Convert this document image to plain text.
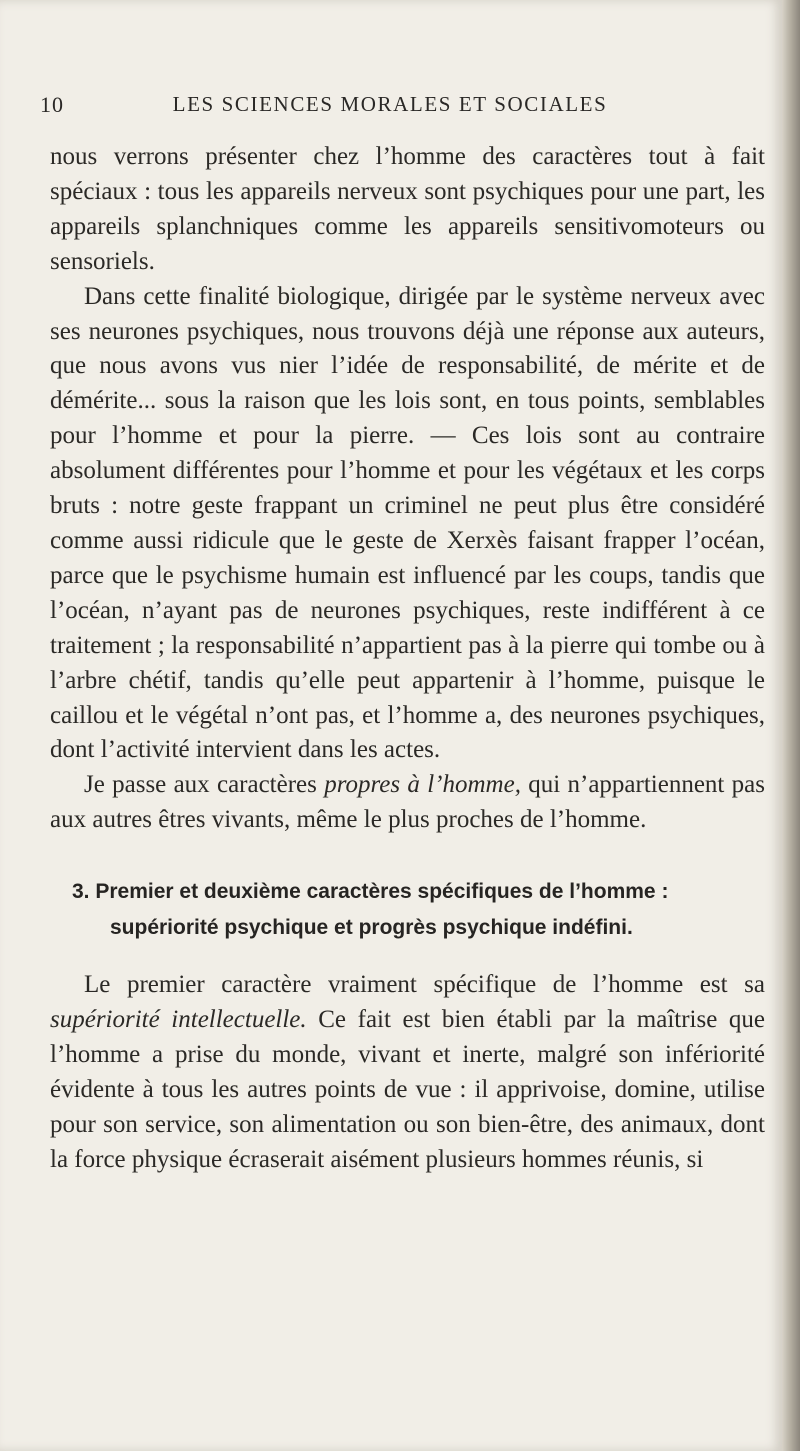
10	LES SCIENCES MORALES ET SOCIALES

nous verrons présenter chez l’homme des caractères tout à fait spéciaux : tous les appareils nerveux sont psychiques pour une part, les appareils splanchniques comme les appareils sensitivomoteurs ou sensoriels.

Dans cette finalité biologique, dirigée par le système nerveux avec ses neurones psychiques, nous trouvons déjà une réponse aux auteurs, que nous avons vus nier l’idée de responsabilité, de mérite et de démérite... sous la raison que les lois sont, en tous points, semblables pour l’homme et pour la pierre. — Ces lois sont au contraire absolument différentes pour l’homme et pour les végétaux et les corps bruts : notre geste frappant un criminel ne peut plus être considéré comme aussi ridicule que le geste de Xerxès faisant frapper l’océan, parce que le psychisme humain est influencé par les coups, tandis que l’océan, n’ayant pas de neurones psychiques, reste indifférent à ce traitement ; la responsabilité n’appartient pas à la pierre qui tombe ou à l’arbre chétif, tandis qu’elle peut appartenir à l’homme, puisque le caillou et le végétal n’ont pas, et l’homme a, des neurones psychiques, dont l’activité intervient dans les actes.

Je passe aux caractères propres à l’homme, qui n’appartiennent pas aux autres êtres vivants, même le plus proches de l’homme.

3. Premier et deuxième caractères spécifiques de l’homme :
supériorité psychique et progrès psychique indéfini.

Le premier caractère vraiment spécifique de l’homme est sa supériorité intellectuelle. Ce fait est bien établi par la maîtrise que l’homme a prise du monde, vivant et inerte, malgré son infériorité évidente à tous les autres points de vue : il apprivoise, domine, utilise pour son service, son alimentation ou son bien-être, des animaux, dont la force physique écraserait aisément plusieurs hommes réunis, si
